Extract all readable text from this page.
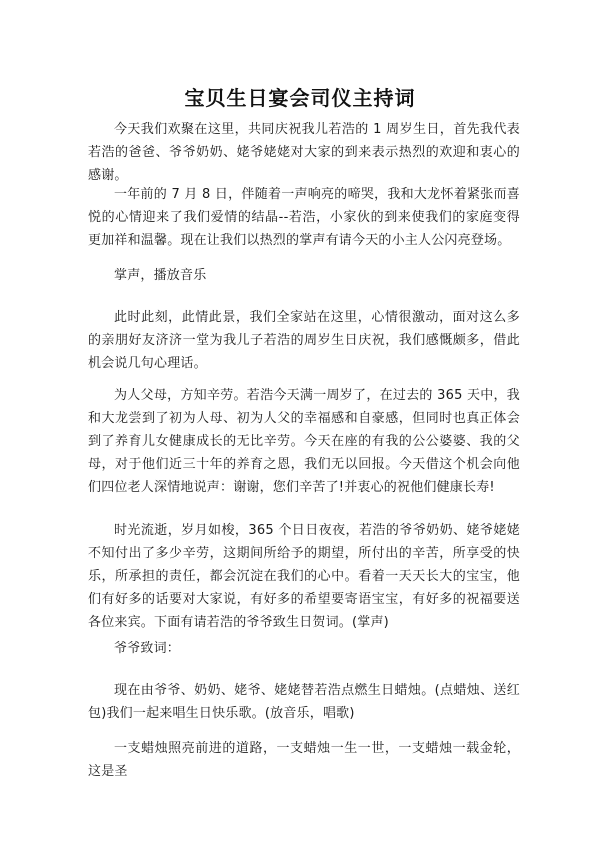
宝贝生日宴会司仪主持词

今天我们欢聚在这里，共同庆祝我儿若浩的 1 周岁生日，首先我代表若浩的爸爸、爷爷奶奶、姥爷姥姥对大家的到来表示热烈的欢迎和衷心的感谢。

一年前的 7 月 8 日，伴随着一声响亮的啼哭，我和大龙怀着紧张而喜悦的心情迎来了我们爱情的结晶--若浩，小家伙的到来使我们的家庭变得更加祥和温馨。现在让我们以热烈的掌声有请今天的小主人公闪亮登场。

掌声，播放音乐

此时此刻，此情此景，我们全家站在这里，心情很激动，面对这么多的亲朋好友济济一堂为我儿子若浩的周岁生日庆祝，我们感慨颇多，借此机会说几句心理话。

为人父母，方知辛劳。若浩今天满一周岁了，在过去的 365 天中，我和大龙尝到了初为人母、初为人父的幸福感和自豪感，但同时也真正体会到了养育儿女健康成长的无比辛劳。今天在座的有我的公公婆婆、我的父母，对于他们近三十年的养育之恩，我们无以回报。今天借这个机会向他们四位老人深情地说声：谢谢，您们辛苦了!并衷心的祝他们健康长寿!

时光流逝，岁月如梭，365 个日日夜夜，若浩的爷爷奶奶、姥爷姥姥不知付出了多少辛劳，这期间所给予的期望，所付出的辛苦，所享受的快乐，所承担的责任，都会沉淀在我们的心中。看着一天天长大的宝宝，他们有好多的话要对大家说，有好多的希望要寄语宝宝，有好多的祝福要送各位来宾。下面有请若浩的爷爷致生日贺词。(掌声)

爷爷致词：

现在由爷爷、奶奶、姥爷、姥姥替若浩点燃生日蜡烛。(点蜡烛、送红包)我们一起来唱生日快乐歌。(放音乐，唱歌)

一支蜡烛照亮前进的道路，一支蜡烛一生一世，一支蜡烛一载金轮，这是圣
